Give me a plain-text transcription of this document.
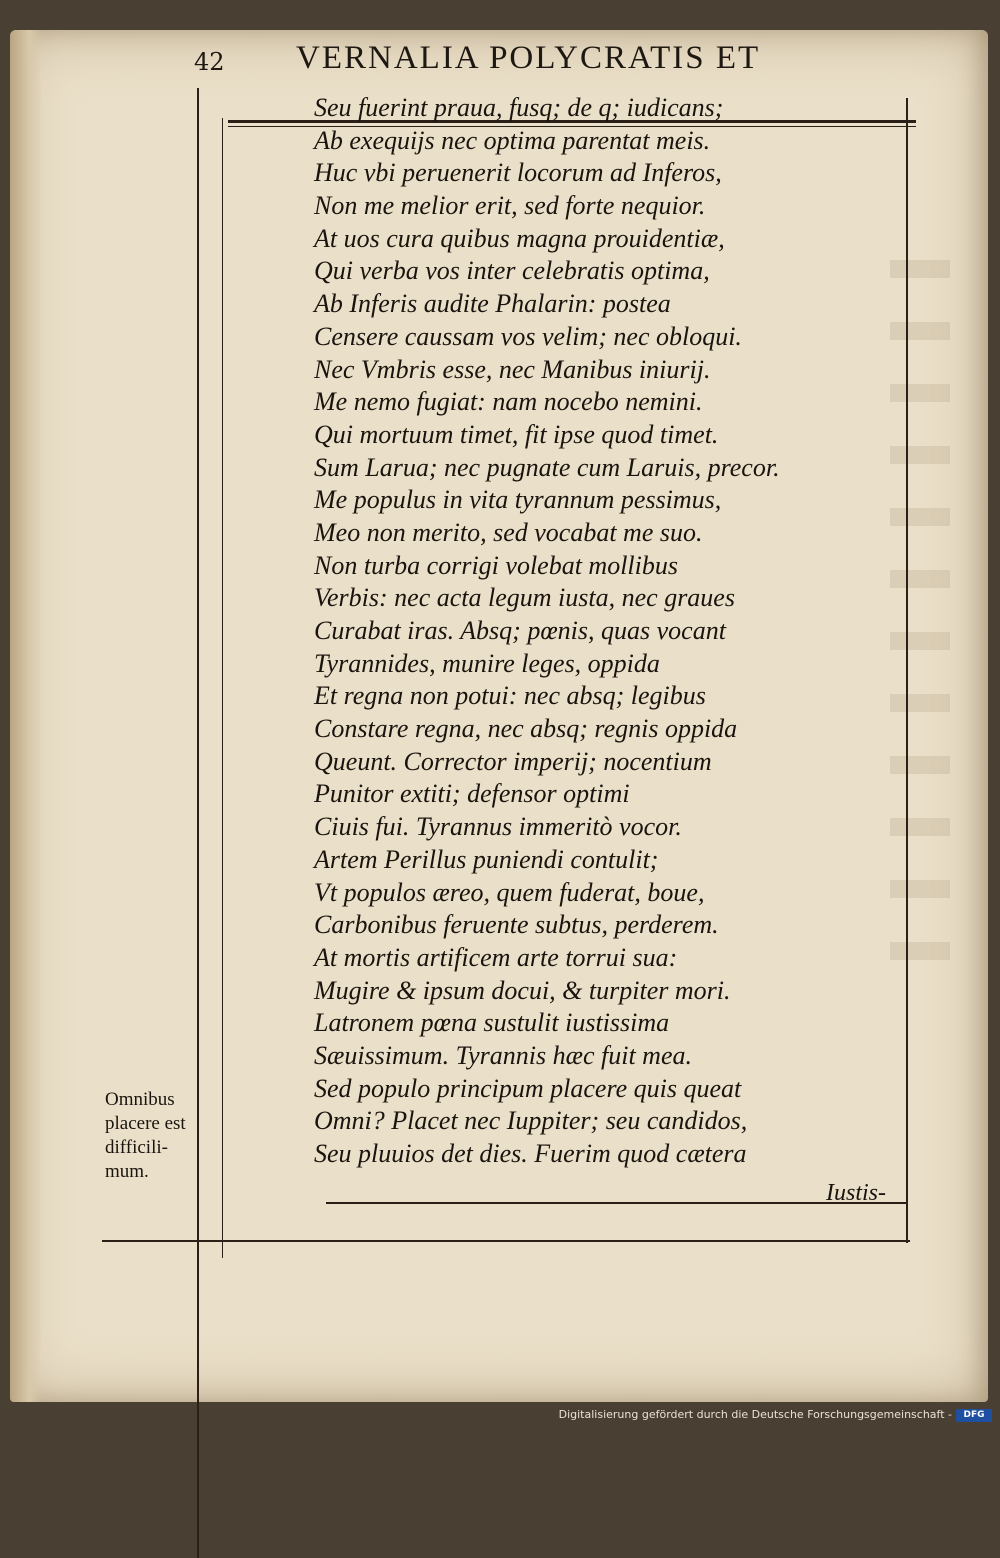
42 VERNALIA POLYCRATIS ET
Seu fuerint praua, fusq; de q; iudicans;
Ab exequijs nec optima parentat meis.
Huc vbi peruenerit locorum ad Inferos,
Non me melior erit, sed forte nequior.
At uos cura quibus magna prouidentiæ,
Qui verba vos inter celebratis optima,
Ab Inferis audite Phalarin: postea
Censere caussam vos velim; nec obloqui.
Nec Vmbris esse, nec Manibus iniurij.
Me nemo fugiat: nam nocebo nemini.
Qui mortuum timet, fit ipse quod timet.
Sum Larua; nec pugnate cum Laruis, precor.
Me populus in vita tyrannum pessimus,
Meo non merito, sed vocabat me suo.
Non turba corrigi volebat mollibus
Verbis: nec acta legum iusta, nec graues
Curabat iras. Absq; pœnis, quas vocant
Tyrannides, munire leges, oppida
Et regna non potui: nec absq; legibus
Constare regna, nec absq; regnis oppida
Queunt. Corrector imperij; nocentium
Punitor extiti; defensor optimi
Ciuis fui. Tyrannus immeritò vocor.
Artem Perillus puniendi contulit;
Vt populos æreo, quem fuderat, boue,
Carbonibus feruente subtus, perderem.
At mortis artificem arte torrui sua:
Mugire & ipsum docui, & turpiter mori.
Latronem pœna sustulit iustissima
Sæuissimum. Tyrannis hæc fuit mea.
Sed populo principum placere quis queat
Omni? Placet nec Iuppiter; seu candidos,
Seu pluuios det dies. Fuerim quod cætera
Omnibus
placere est
difficili-
mum.
Iustis-
Digitalisierung gefördert durch die Deutsche Forschungsgemeinschaft -	DFG
